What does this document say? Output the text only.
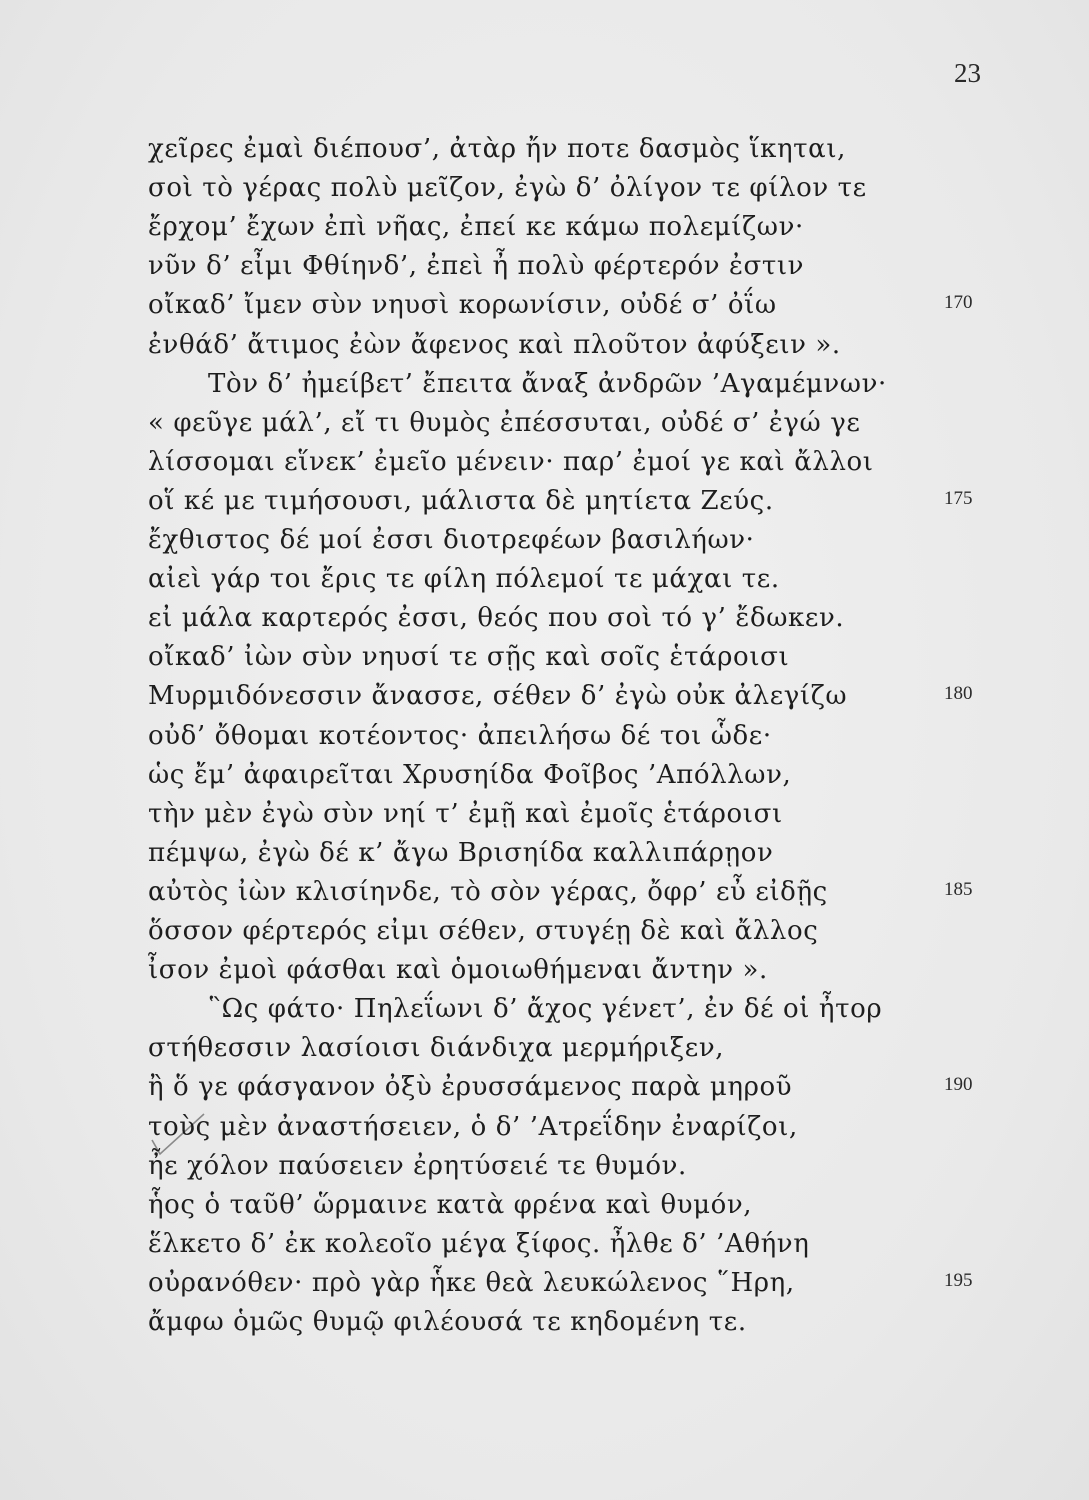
23
χεῖρες ἐμαὶ διέπουσ’, ἀτὰρ ἤν ποτε δασμὸς ἵκηται,
σοὶ τὸ γέρας πολὺ μεῖζον, ἐγὼ δ’ ὀλίγον τε φίλον τε
ἔρχομ’ ἔχων ἐπὶ νῆας, ἐπεί κε κάμω πολεμίζων·
νῦν δ’ εἶμι Φθίηνδ’, ἐπεὶ ἦ πολὺ φέρτερόν ἐστιν
οἴκαδ’ ἴμεν σὺν νηυσὶ κορωνίσιν, οὐδέ σ’ ὀΐω	170
ἐνθάδ’ ἄτιμος ἐὼν ἄφενος καὶ πλοῦτον ἀφύξειν ».
Τὸν δ’ ἠμείβετ’ ἔπειτα ἄναξ ἀνδρῶν ’Αγαμέμνων·
« φεῦγε μάλ’, εἴ τι θυμὸς ἐπέσσυται, οὐδέ σ’ ἐγώ γε
λίσσομαι εἵνεκ’ ἐμεῖο μένειν· παρ’ ἐμοί γε καὶ ἄλλοι
οἵ κέ με τιμήσουσι, μάλιστα δὲ μητίετα Ζεύς.	175
ἔχθιστος δέ μοί ἐσσι διοτρεφέων βασιλήων·
αἰεὶ γάρ τοι ἔρις τε φίλη πόλεμοί τε μάχαι τε.
εἰ μάλα καρτερός ἐσσι, θεός που σοὶ τό γ’ ἔδωκεν.
οἴκαδ’ ἰὼν σὺν νηυσί τε σῇς καὶ σοῖς ἑτάροισι
Μυρμιδόνεσσιν ἄνασσε, σέθεν δ’ ἐγὼ οὐκ ἀλεγίζω	180
οὐδ’ ὄθομαι κοτέοντος· ἀπειλήσω δέ τοι ὧδε·
ὡς ἔμ’ ἀφαιρεῖται Χρυσηίδα Φοῖβος ’Απόλλων,
τὴν μὲν ἐγὼ σὺν νηί τ’ ἐμῇ καὶ ἐμοῖς ἑτάροισι
πέμψω, ἐγὼ δέ κ’ ἄγω Βρισηίδα καλλιπάρῃον
αὐτὸς ἰὼν κλισίηνδε, τὸ σὸν γέρας, ὄφρ’ εὖ εἰδῇς	185
ὅσσον φέρτερός εἰμι σέθεν, στυγέῃ δὲ καὶ ἄλλος
ἶσον ἐμοὶ φάσθαι καὶ ὁμοιωθήμεναι ἄντην ».
῝Ως φάτο· Πηλεΐωνι δ’ ἄχος γένετ’, ἐν δέ οἱ ἦτορ
στήθεσσιν λασίοισι διάνδιχα μερμήριξεν,
ἢ ὅ γε φάσγανον ὀξὺ ἐρυσσάμενος παρὰ μηροῦ	190
τοὺς μὲν ἀναστήσειεν, ὁ δ’ ’Ατρεΐδην ἐναρίζοι,
ἦε χόλον παύσειεν ἐρητύσειέ τε θυμόν.
ἧος ὁ ταῦθ’ ὥρμαινε κατὰ φρένα καὶ θυμόν,
ἕλκετο δ’ ἐκ κολεοῖο μέγα ξίφος. ἦλθε δ’ ’Αθήνη
οὐρανόθεν· πρὸ γὰρ ἧκε θεὰ λευκώλενος ῞Ηρη,	195
ἄμφω ὁμῶς θυμῷ φιλέουσά τε κηδομένη τε.
